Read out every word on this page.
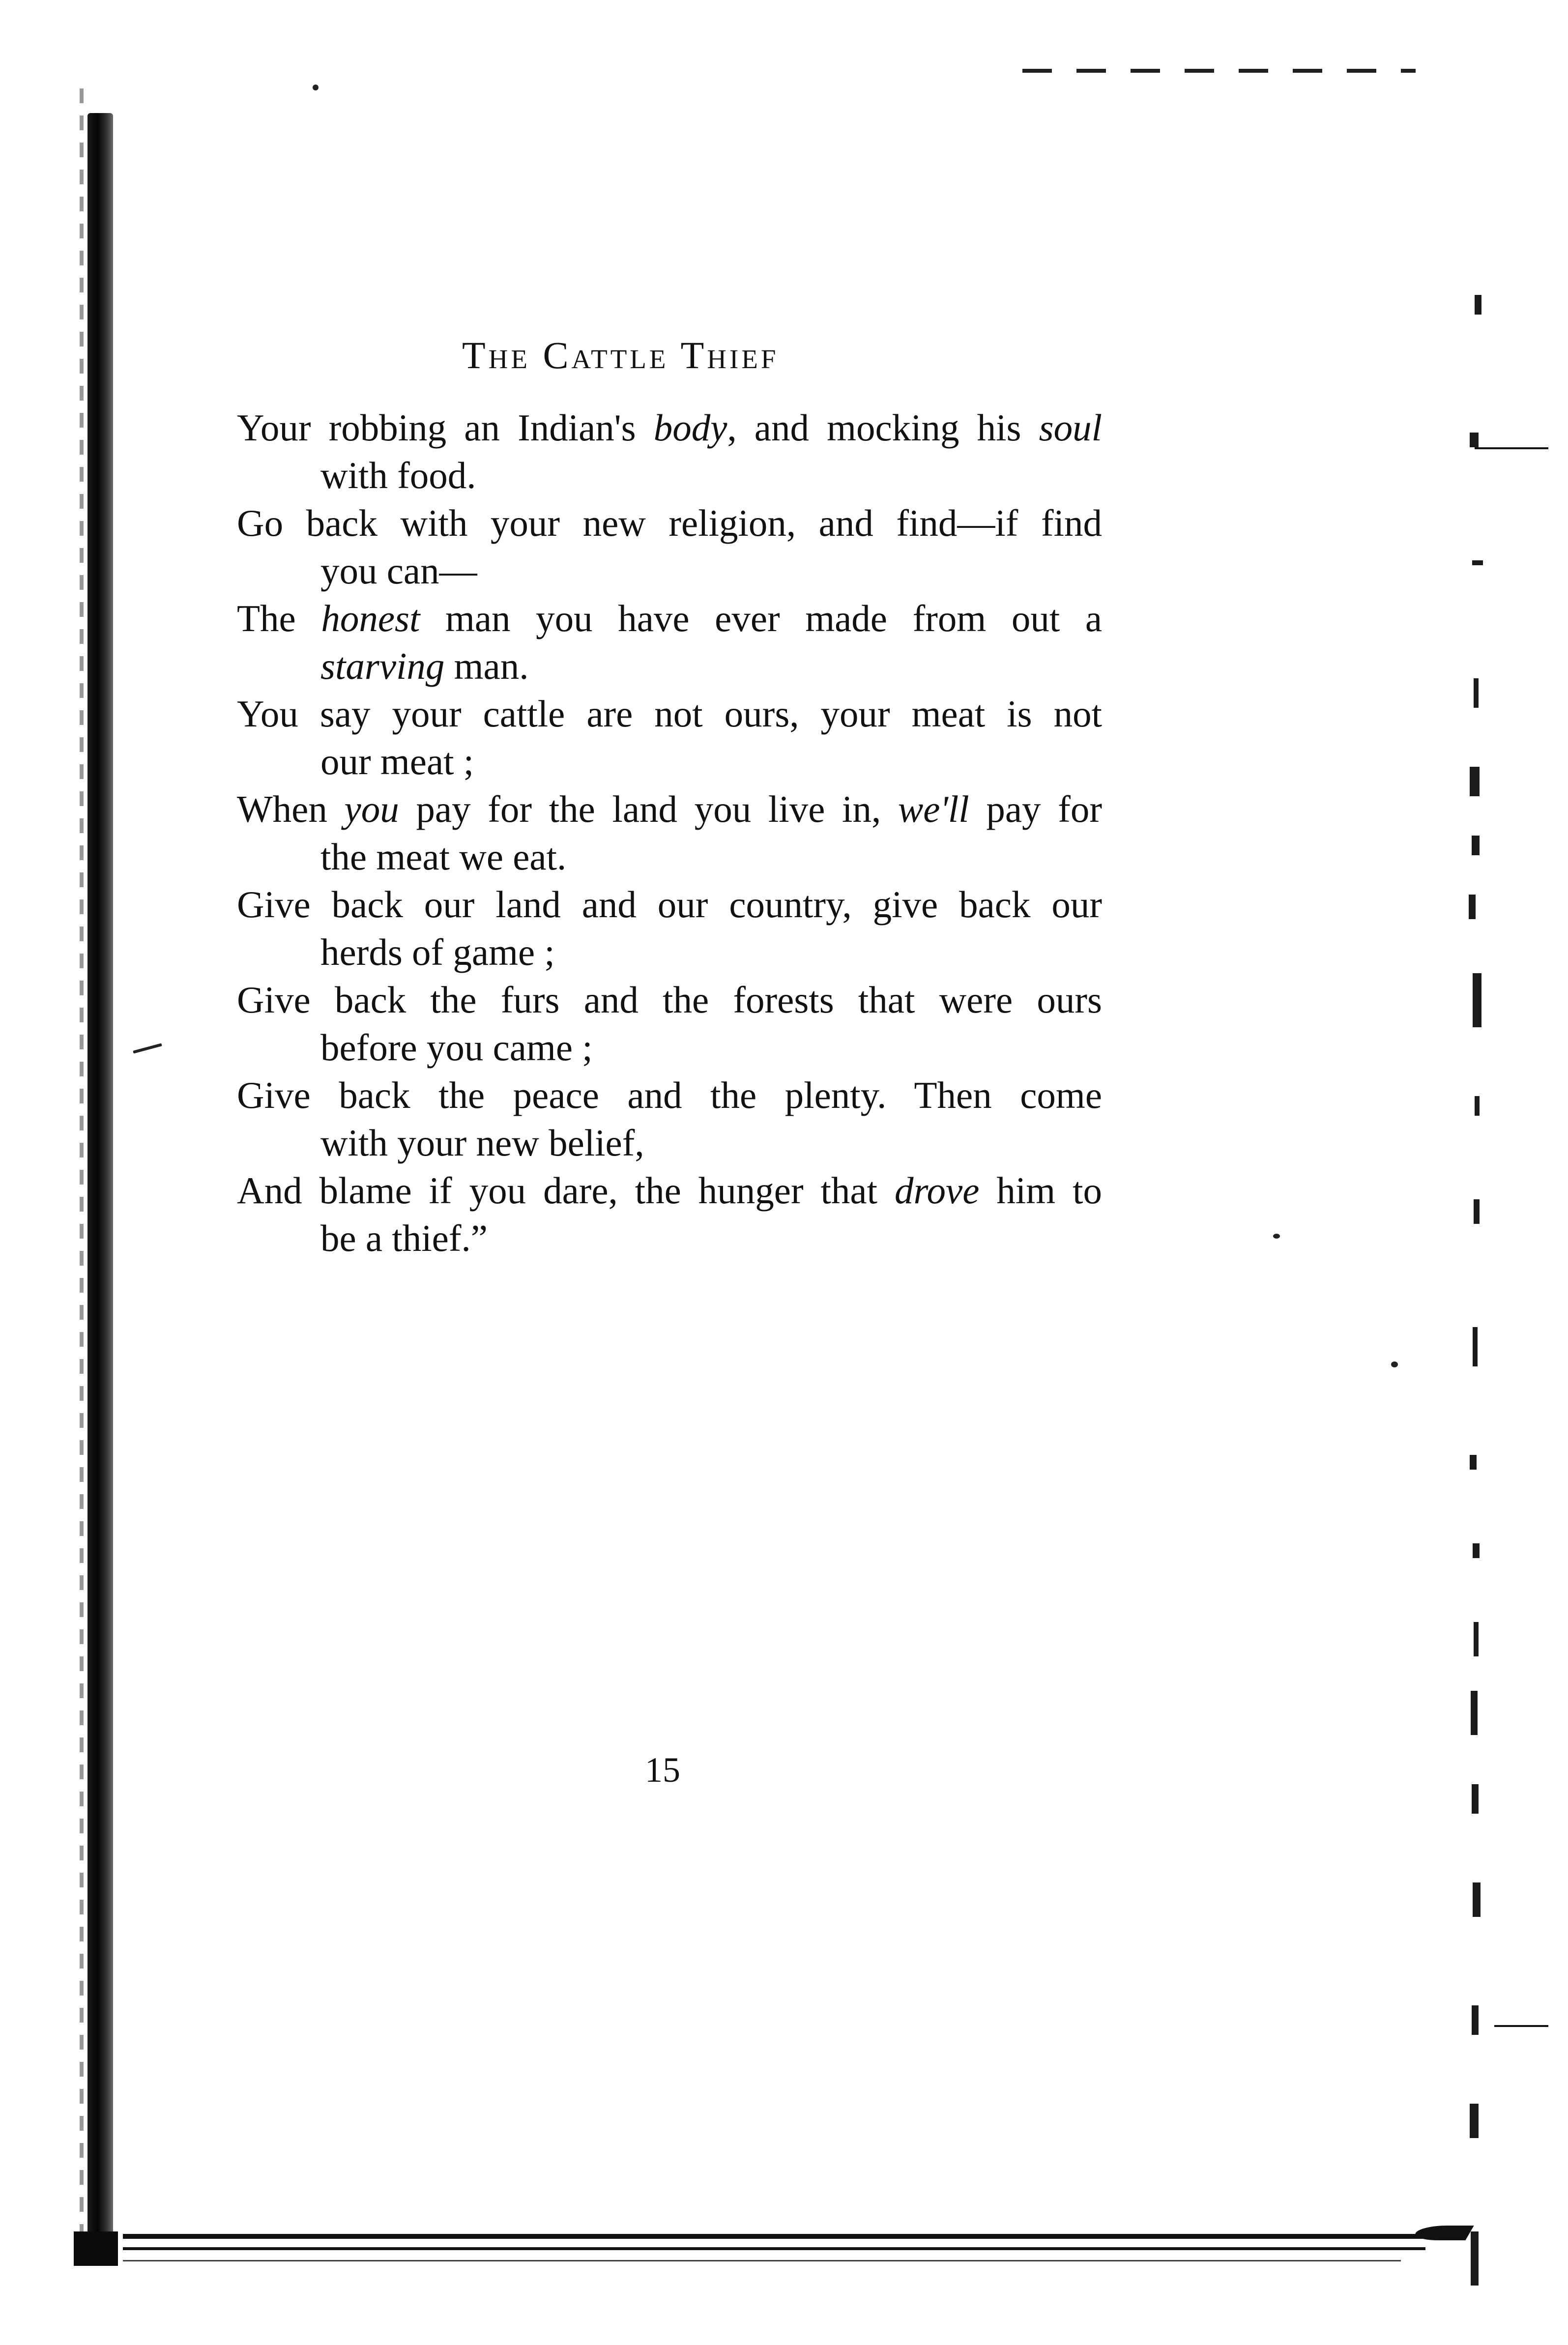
The Cattle Thief

Your robbing an Indian's body, and mocking his soul

with food.

Go back with your new religion, and find—if find

you can—

The honest man you have ever made from out a

starving man.

You say your cattle are not ours, your meat is not

our meat ;

When you pay for the land you live in, we'll pay for

the meat we eat.

Give back our land and our country, give back our

herds of game ;

Give back the furs and the forests that were ours

before you came ;

Give back the peace and the plenty. Then come

with your new belief,

And blame if you dare, the hunger that drove him to

be a thief.”

15
